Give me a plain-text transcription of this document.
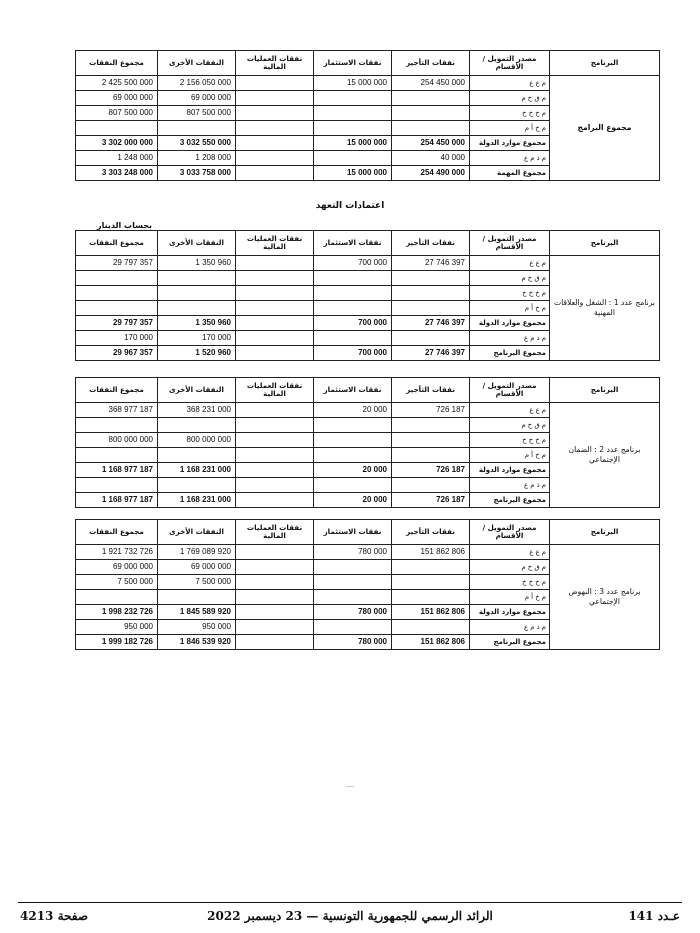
اعتمادات التعهد
بحساب الدينار
عـدد 141
الرائد الرسمي للجمهورية التونسية — 23 ديسمبر 2022
صفحة 4213
البرنامج	مصدر التمويل / الأقسام	نفقات التأجير	نفقات الاستثمار	نفقات العمليات المالية	النفقات الأخرى	مجموع النفقات
مجموع البرامج	م ع ع	254 450 000	15 000 000		2 156 050 000	2 425 500 000
	م ق خ م				69 000 000	69 000 000
	م خ خ خ				807 500 000	807 500 000
	م خ أ م					
	مجموع موارد الدولة	254 450 000	15 000 000		3 032 550 000	3 302 000 000
	م ذ م ع	40 000			1 208 000	1 248 000
	مجموع المهمة	254 490 000	15 000 000		3 033 758 000	3 303 248 000
البرنامج	مصدر التمويل / الأقسام	نفقات التأجير	نفقات الاستثمار	نفقات العمليات المالية	النفقات الأخرى	مجموع النفقات
برنامج عدد 1 : الشغل والعلاقات المهنية	م ع ع	27 746 397	700 000		1 350 960	29 797 357
	م ق خ م					
	م خ خ خ					
	م خ أ م					
	مجموع موارد الدولة	27 746 397	700 000		1 350 960	29 797 357
	م ذ م ع				170 000	170 000
	مجموع البرنامج	27 746 397	700 000		1 520 960	29 967 357
البرنامج	مصدر التمويل / الأقسام	نفقات التأجير	نفقات الاستثمار	نفقات العمليات المالية	النفقات الأخرى	مجموع النفقات
برنامج عدد 2 : الضمان الإجتماعي	م ع ع	726 187	20 000		368 231 000	368 977 187
	م ق خ م					
	م خ خ خ				800 000 000	800 000 000
	م خ أ م					
	مجموع موارد الدولة	726 187	20 000		1 168 231 000	1 168 977 187
	م ذ م ع					
	مجموع البرنامج	726 187	20 000		1 168 231 000	1 168 977 187
البرنامج	مصدر التمويل / الأقسام	نفقات التأجير	نفقات الاستثمار	نفقات العمليات المالية	النفقات الأخرى	مجموع النفقات
برنامج عدد 3 : النهوض الإجتماعي	م ع ع	151 862 806	780 000		1 769 089 920	1 921 732 726
	م ق خ م				69 000 000	69 000 000
	م خ خ خ				7 500 000	7 500 000
	م خ أ م					
	مجموع موارد الدولة	151 862 806	780 000		1 845 589 920	1 998 232 726
	م ذ م ع				950 000	950 000
	مجموع البرنامج	151 862 806	780 000		1 846 539 920	1 999 182 726
